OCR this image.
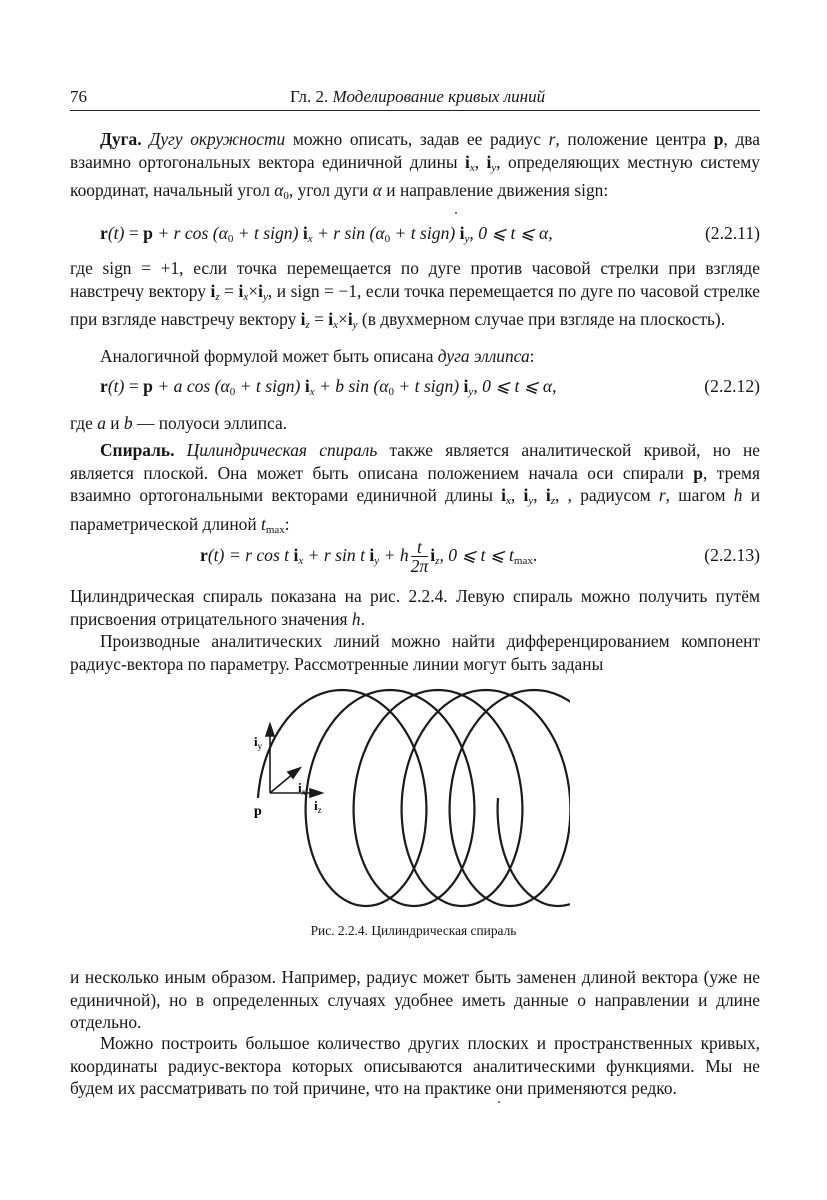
76	Гл. 2. Моделирование кривых линий

Дуга. Дугу окружности можно описать, задав ее радиус r, положение центра p, два взаимно ортогональных вектора единичной длины $i_x$, $i_y$, определяющих местную систему координат, начальный угол $\alpha_0$, угол дуги α и направление движения sign:

r(t) = p + r $\cos (\alpha_0 + t$ sign) $i_x + r$ $\sin (\alpha_0 + t$ sign) $i_y$, 0 ⩽ t ⩽ α,	(2.2.11)

где sign = +1, если точка перемещается по дуге против часовой стрелки при взгляде навстречу вектору $i_z = i_x\times i_y$, и sign = −1, если точка перемещается по дуге по часовой стрелке при взгляде навстречу вектору $i_z = i_x\times i_y$ (в двухмерном случае при взгляде на плоскость).

Аналогичной формулой может быть описана дуга эллипса:

r(t) = p + a $\cos (\alpha_0 + t$ sign) $i_x + b$ $\sin (\alpha_0 + t$ sign) $i_y$, 0 ⩽ t ⩽ α,	(2.2.12)

где a и b — полуоси эллипса.

Спираль. Цилиндрическая спираль также является аналитической кривой, но не является плоской. Она может быть описана положением начала оси спирали p, тремя взаимно ортогональными векторами единичной длины $i_x$, $i_y$, $i_z$, , радиусом r, шагом h и параметрической длиной $t_{max}$:

r(t) = r cos t $i_x + r$ sin t $i_y + h \frac{t}{2\pi} i_z$, 0 ⩽ t ⩽ $t_{max}$.	(2.2.13)

Цилиндрическая спираль показана на рис. 2.2.4. Левую спираль можно получить путём присвоения отрицательного значения h.

Производные аналитических линий можно найти дифференцированием компонент радиус-вектора по параметру. Рассмотренные линии могут быть заданы

$i_y$
$i_x$
$i_z$
p
Рис. 2.2.4. Цилиндрическая спираль

и несколько иным образом. Например, радиус может быть заменен длиной вектора (уже не единичной), но в определенных случаях удобнее иметь данные о направлении и длине отдельно.

Можно построить большое количество других плоских и пространственных кривых, координаты радиус-вектора которых описываются аналитическими функциями. Мы не будем их рассматривать по той причине, что на практике они применяются редко.
